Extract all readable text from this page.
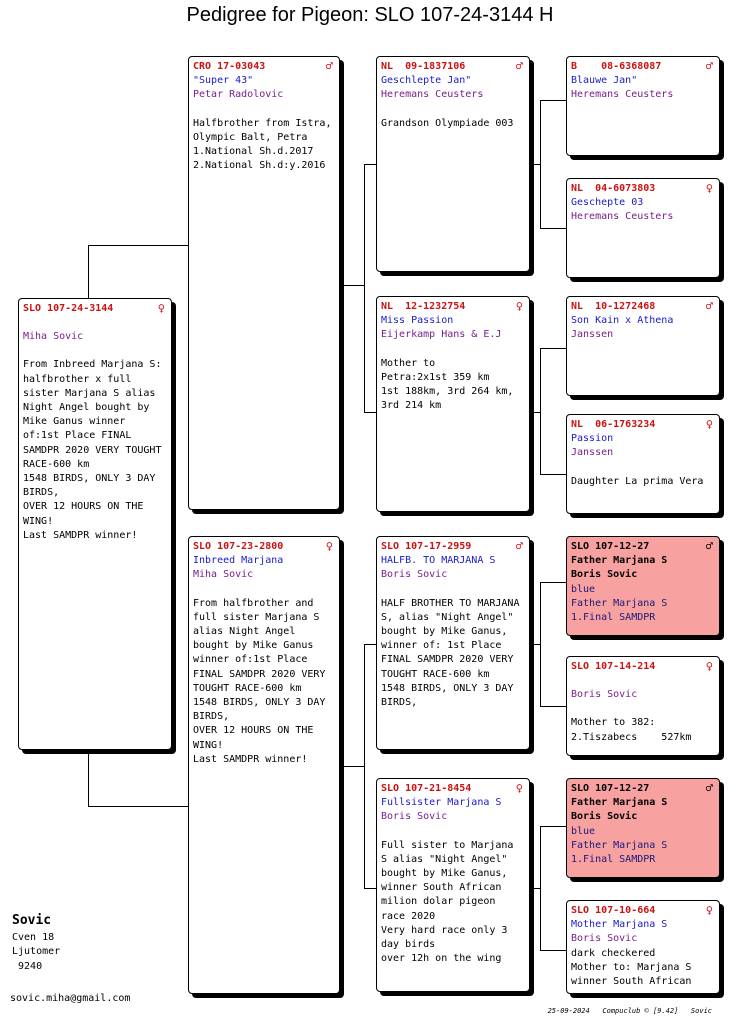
Pedigree for Pigeon: SLO 107-24-3144 H
SLO 107-24-3144	♀
Miha Sovic
From Inbreed Marjana S:
halfbrother x full sister Marjana S alias Night Angel bought by Mike Ganus winner of:1st Place FINAL SAMDPR 2020 VERY TOUGHT RACE-600 km
1548 BIRDS, ONLY 3 DAY BIRDS,
OVER 12 HOURS ON THE WING!
Last SAMDPR winner!
CRO 17-03043	♂
"Super 43"
Petar Radolovic
Halfbrother from Istra, Olympic Balt, Petra
1.National Sh.d.2017
2.National Sh.d:y.2016
SLO 107-23-2800	♀
Inbreed Marjana
Miha Sovic
From halfbrother and full sister Marjana S alias Night Angel bought by Mike Ganus winner of:1st Place FINAL SAMDPR 2020 VERY TOUGHT RACE-600 km
1548 BIRDS, ONLY 3 DAY BIRDS,
OVER 12 HOURS ON THE WING!
Last SAMDPR winner!
NL  09-1837106	♂
Geschlepte Jan"
Heremans Ceusters
Grandson Olympiade 003
NL  12-1232754	♀
Miss Passion
Eijerkamp Hans & E.J
Mother to
Petra:2x1st 359 km
1st 188km, 3rd 264 km, 3rd 214 km
SLO 107-17-2959	♂
HALFB. TO MARJANA S
Boris Sovic
HALF BROTHER TO MARJANA S, alias "Night Angel" bought by Mike Ganus,
winner of: 1st Place FINAL SAMDPR 2020 VERY TOUGHT RACE-600 km
1548 BIRDS, ONLY 3 DAY BIRDS,
SLO 107-21-8454	♀
Fullsister Marjana S
Boris Sovic
Full sister to Marjana S alias "Night Angel" bought by Mike Ganus,
winner South African milion dolar pigeon race 2020
Very hard race only 3 day birds
over 12h on the wing
B    08-6368087	♂
Blauwe Jan"
Heremans Ceusters
NL  04-6073803	♀
Geschepte 03
Heremans Ceusters
NL  10-1272468	♂
Son Kain x Athena
Janssen
NL  06-1763234	♀
Passion
Janssen
Daughter La prima Vera
SLO 107-12-27	♂
Father Marjana S
Boris Sovic
blue
Father Marjana S
1.Final SAMDPR
SLO 107-14-214	♀
Boris Sovic
Mother to 382:
2.Tiszabecs    527km
SLO 107-12-27	♂
Father Marjana S
Boris Sovic
blue
Father Marjana S
1.Final SAMDPR
SLO 107-10-664	♀
Mother Marjana S
Boris Sovic
dark checkered
Mother to: Marjana S winner South African
Sovic
Cven 18
Ljutomer
9240
sovic.miha@gmail.com
25-09-2024 Compuclub © [9.42] Sovic
